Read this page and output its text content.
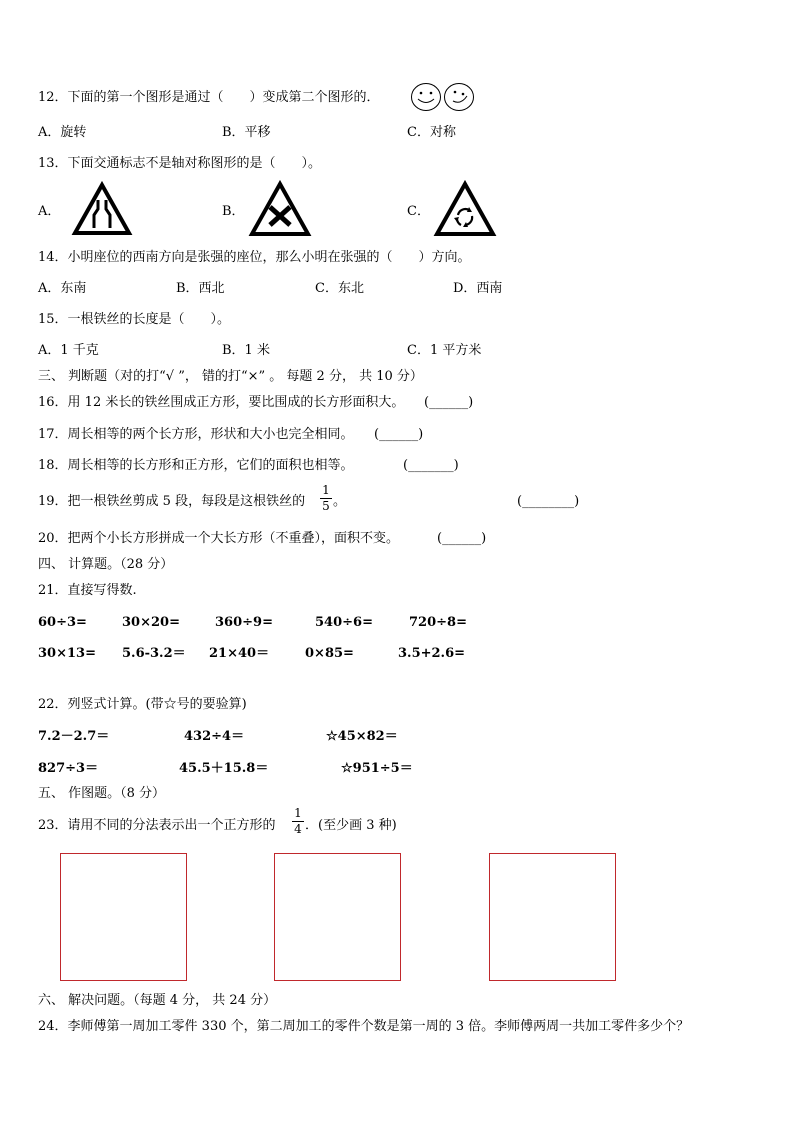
12．下面的第一个图形是通过（　　）变成第二个图形的．
A．旋转	B．平移	C．对称
13．下面交通标志不是轴对称图形的是（　　）。
A．	B．	C．
14．小明座位的西南方向是张强的座位，那么小明在张强的（　　）方向。
A．东南	B．西北	C．东北	D．西南
15．一根铁丝的长度是（　　）。
A．1 千克	B．1 米	C．1 平方米
三、 判断题（对的打“√ ”， 错的打“×” 。 每题 2 分， 共 10 分）
16．用 12 米长的铁丝围成正方形，要比围成的长方形面积大。 (______)
17．周长相等的两个长方形，形状和大小也完全相同。 (______)
18．周长相等的长方形和正方形，它们的面积也相等。	(_______)
19．把一根铁丝剪成 5 段，每段是这根铁丝的
1
5 。	(________)
20．把两个小长方形拼成一个大长方形（不重叠），面积不变。	(______)
四、 计算题。（28 分）
21．直接写得数.
60÷3=	30×20=	360÷9=	540÷6=	720÷8=
30×13= 5.6-3.2＝ 21×40＝	0×85=	3.5+2.6=
22．列竖式计算。(带☆号的要验算)
7.2－2.7＝	432÷4＝	☆45×82＝
827÷3＝	45.5＋15.8＝	☆951÷5＝
五、 作图题。（8 分）
23．请用不同的分法表示出一个正方形的
1
4 ．(至少画 3 种)
六、 解决问题。（每题 4 分， 共 24 分）
24．李师傅第一周加工零件 330 个，第二周加工的零件个数是第一周的 3 倍。李师傅两周一共加工零件多少个？
